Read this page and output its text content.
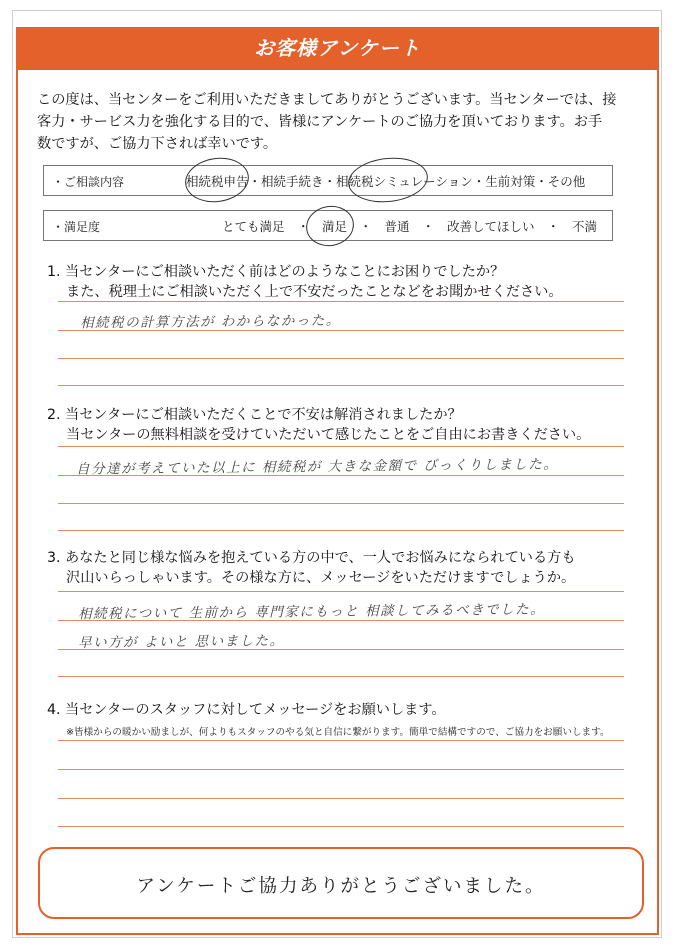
お客様アンケート
この度は、当センターをご利用いただきましてありがとうございます。当センターでは、接
客力・サービス力を強化する目的で、皆様にアンケートのご協力を頂いております。お手
数ですが、ご協力下されば幸いです。
・ご相談内容	相続税申告・相続手続き・相続税シミュレーション・生前対策・その他
・満足度	とても満足　・　満足　・　普通　・　改善してほしい　・　不満
1. 当センターにご相談いただく前はどのようなことにお困りでしたか？
また、税理士にご相談いただく上で不安だったことなどをお聞かせください。
相続税の計算方法が わからなかった。
2. 当センターにご相談いただくことで不安は解消されましたか？
当センターの無料相談を受けていただいて感じたことをご自由にお書きください。
自分達が考えていた以上に 相続税が 大きな金額で びっくりしました。
3. あなたと同じ様な悩みを抱えている方の中で、一人でお悩みになられている方も
沢山いらっしゃいます。その様な方に、メッセージをいただけますでしょうか。
相続税について 生前から 専門家にもっと 相談してみるべきでした。
早い方が よいと 思いました。
4. 当センターのスタッフに対してメッセージをお願いします。
※皆様からの暖かい励ましが、何よりもスタッフのやる気と自信に繋がります。簡単で結構ですので、ご協力をお願いします。
アンケートご協力ありがとうございました。
